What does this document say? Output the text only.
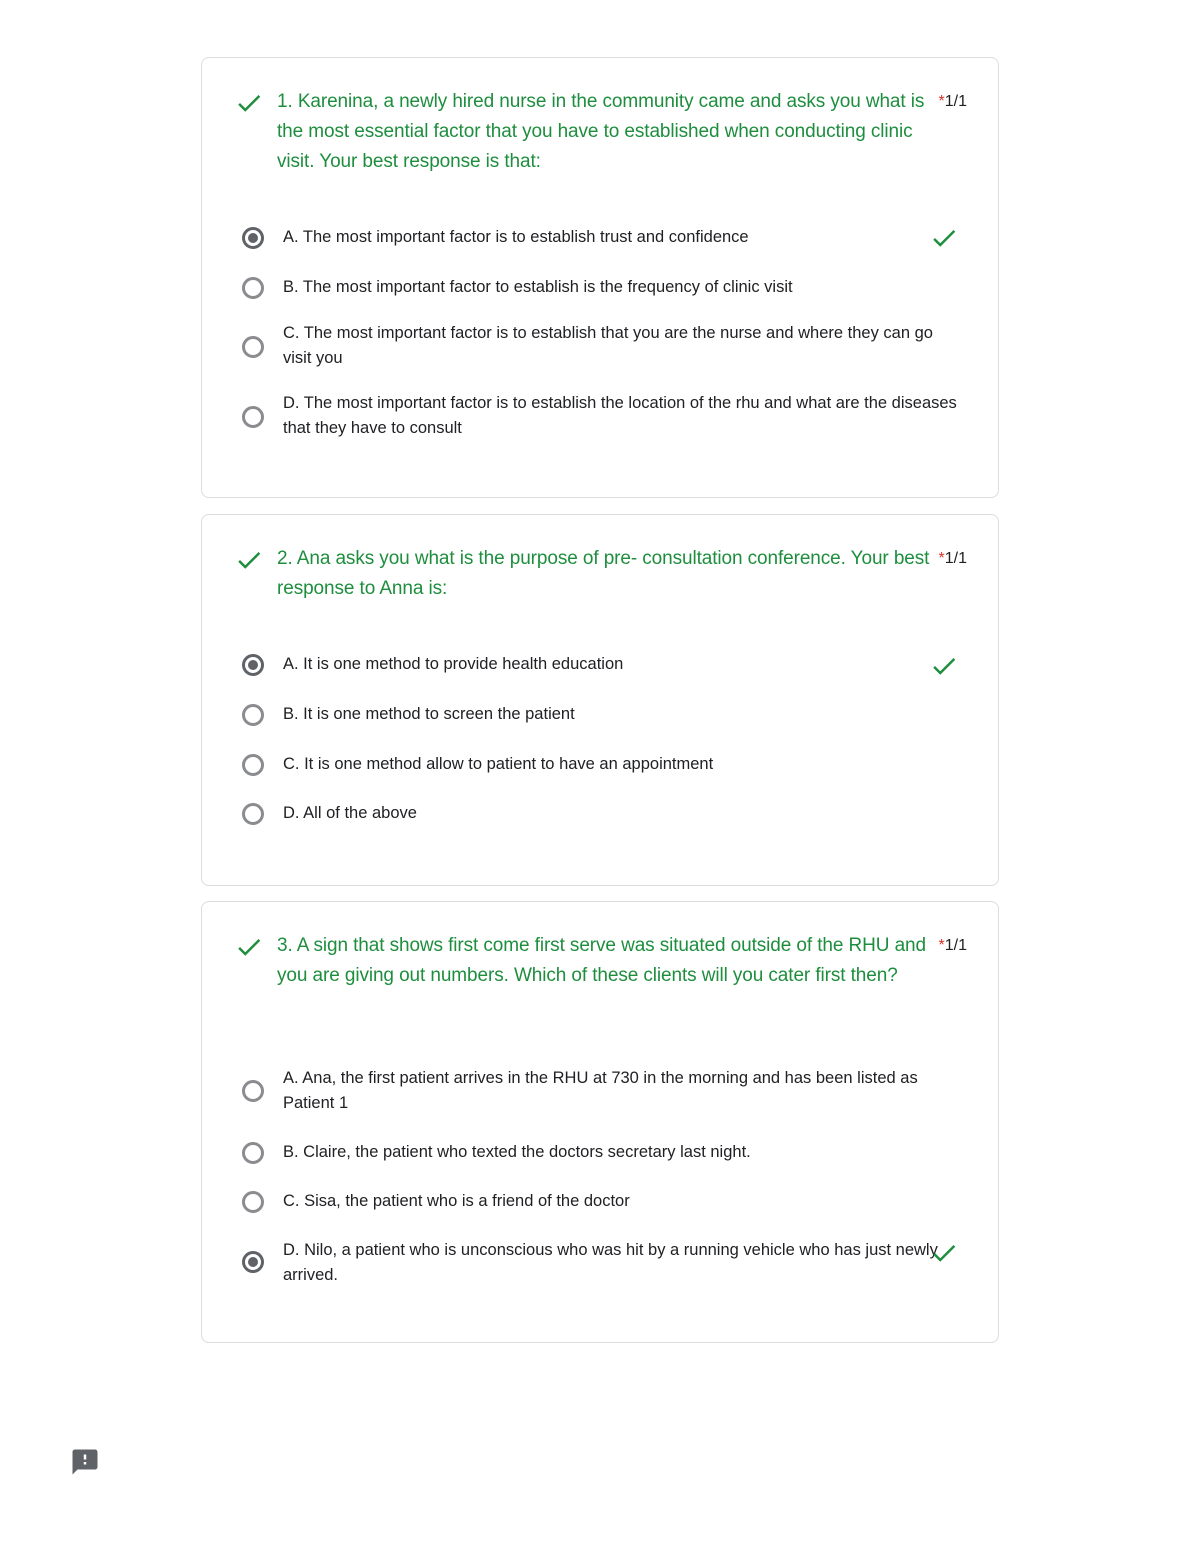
1. Karenina, a newly hired nurse in the community came and asks you what is the most essential factor that you have to established when conducting clinic visit. Your best response is that:
*1/1
A. The most important factor is to establish trust and confidence
B. The most important factor to establish is the frequency of clinic visit
C. The most important factor is to establish that you are the nurse and where they can go visit you
D. The most important factor is to establish the location of the rhu and what are the diseases that they have to consult
2. Ana asks you what is the purpose of pre- consultation conference. Your best response to Anna is:
*1/1
A. It is one method to provide health education
B. It is one method to screen the patient
C. It is one method allow to patient to have an appointment
D. All of the above
3. A sign that shows first come first serve was situated outside of the RHU and you are giving out numbers. Which of these clients will you cater first then?
*1/1
A. Ana, the first patient arrives in the RHU at 730 in the morning and has been listed as Patient 1
B. Claire, the patient who texted the doctors secretary last night.
C. Sisa, the patient who is a friend of the doctor
D. Nilo, a patient who is unconscious who was hit by a running vehicle who has just newly arrived.
